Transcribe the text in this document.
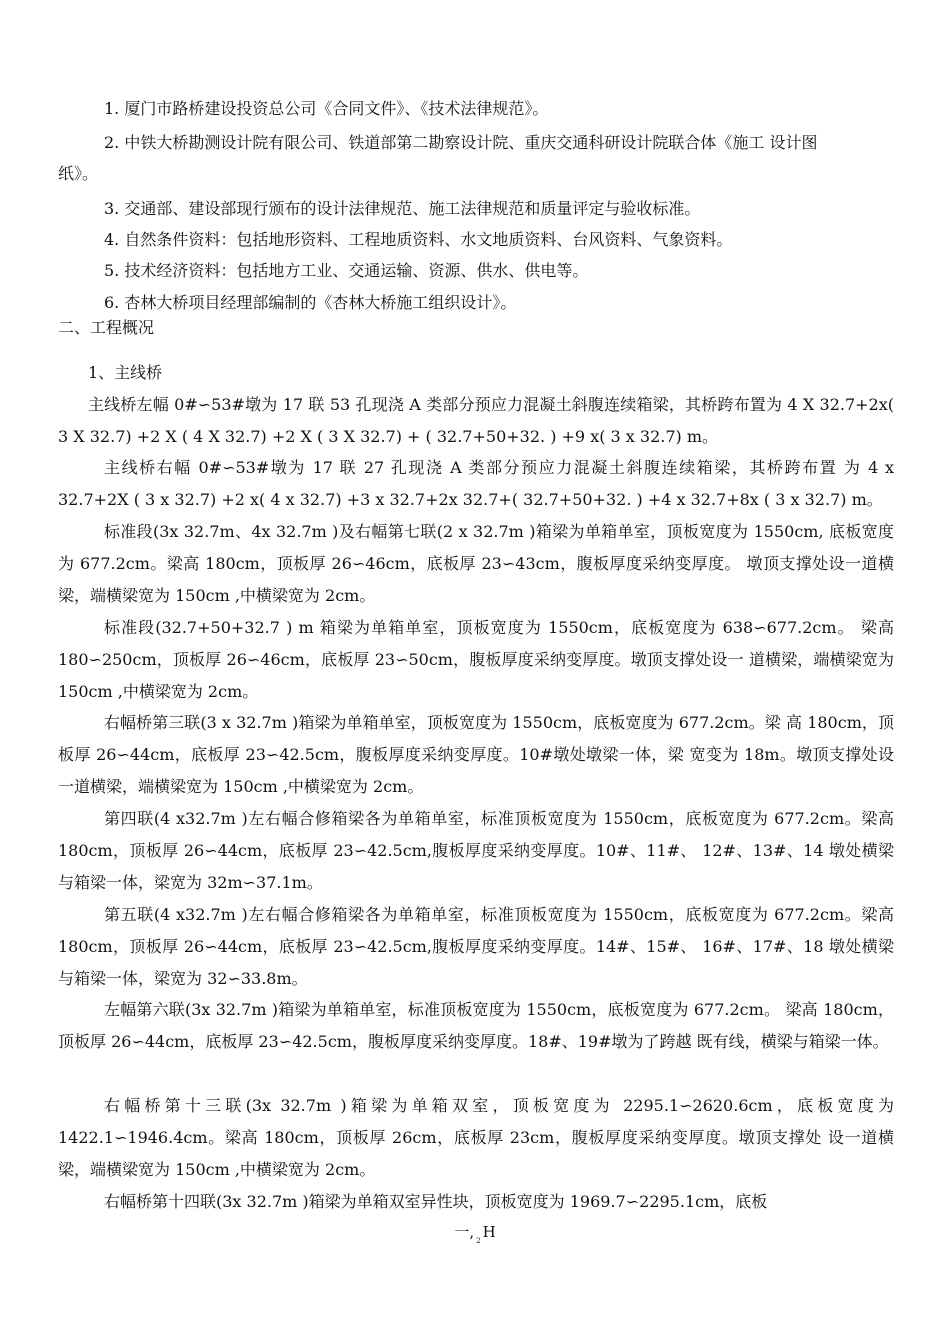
1. 厦门市路桥建设投资总公司《合同文件》、《技术法律规范》。
2. 中铁大桥勘测设计院有限公司、铁道部第二勘察设计院、重庆交通科研设计院联合体《施工 设计图
纸》。
3. 交通部、建设部现行颁布的设计法律规范、施工法律规范和质量评定与验收标准。
4. 自然条件资料：包括地形资料、工程地质资料、水文地质资料、台风资料、气象资料。
5. 技术经济资料：包括地方工业、交通运输、资源、供水、供电等。
6. 杏林大桥项目经理部编制的《杏林大桥施工组织设计》。
二、工程概况
1、主线桥
主线桥左幅 0#∽53#墩为 17 联 53 孔现浇 A 类部分预应力混凝土斜腹连续箱梁，其桥跨布置为 4 X 32.7+2x( 3 X 32.7) +2 X ( 4 X 32.7) +2 X ( 3 X 32.7) + ( 32.7+50+32. ) +9 x( 3 x 32.7) m。
主线桥右幅 0#∽53#墩为 17 联 27 孔现浇 A 类部分预应力混凝土斜腹连续箱梁，其桥跨布置 为 4 x 32.7+2X ( 3 x 32.7) +2 x( 4 x 32.7) +3 x 32.7+2x 32.7+( 32.7+50+32. ) +4 x 32.7+8x ( 3 x 32.7) m。
标准段(3x 32.7m、4x 32.7m )及右幅第七联(2 x 32.7m )箱梁为单箱单室，顶板宽度为 1550cm, 底板宽度为 677.2cm。梁高 180cm，顶板厚 26∽46cm，底板厚 23∽43cm，腹板厚度采纳变厚度。 墩顶支撑处设一道横梁，端横梁宽为 150cm ,中横梁宽为 2cm。
标准段(32.7+50+32.7 ) m 箱梁为单箱单室，顶板宽度为 1550cm，底板宽度为 638∽677.2cm。 梁高 180∽250cm，顶板厚 26∽46cm，底板厚 23∽50cm，腹板厚度采纳变厚度。墩顶支撑处设一 道横梁，端横梁宽为 150cm ,中横梁宽为 2cm。
右幅桥第三联(3 x 32.7m )箱梁为单箱单室，顶板宽度为 1550cm，底板宽度为 677.2cm。梁 高 180cm，顶板厚 26∽44cm，底板厚 23∽42.5cm，腹板厚度采纳变厚度。10#墩处墩梁一体，梁 宽变为 18m。墩顶支撑处设一道横梁，端横梁宽为 150cm ,中横梁宽为 2cm。
第四联(4 x32.7m )左右幅合修箱梁各为单箱单室，标准顶板宽度为 1550cm，底板宽度为 677.2cm。梁高 180cm，顶板厚 26∽44cm，底板厚 23∽42.5cm,腹板厚度采纳变厚度。10#、11#、 12#、13#、14 墩处横梁与箱梁一体，梁宽为 32m∽37.1m。
第五联(4 x32.7m )左右幅合修箱梁各为单箱单室，标准顶板宽度为 1550cm，底板宽度为 677.2cm。梁高 180cm，顶板厚 26∽44cm，底板厚 23∽42.5cm,腹板厚度采纳变厚度。14#、15#、 16#、17#、18 墩处横梁与箱梁一体，梁宽为 32∽33.8m。
左幅第六联(3x 32.7m )箱梁为单箱单室，标准顶板宽度为 1550cm，底板宽度为 677.2cm。 梁高 180cm，顶板厚 26∽44cm，底板厚 23∽42.5cm，腹板厚度采纳变厚度。18#、19#墩为了跨越 既有线，横梁与箱梁一体。
右幅桥第十三联(3x 32.7m )箱梁为单箱双室，顶板宽度为 2295.1∽2620.6cm，底板宽度为 1422.1∽1946.4cm。梁高 180cm，顶板厚 26cm，底板厚 23cm，腹板厚度采纳变厚度。墩顶支撑处 设一道横梁，端横梁宽为 150cm ,中横梁宽为 2cm。
右幅桥第十四联(3x 32.7m )箱梁为单箱双室异性块，顶板宽度为 1969.7∽2295.1cm，底板
一, $_2$ H
